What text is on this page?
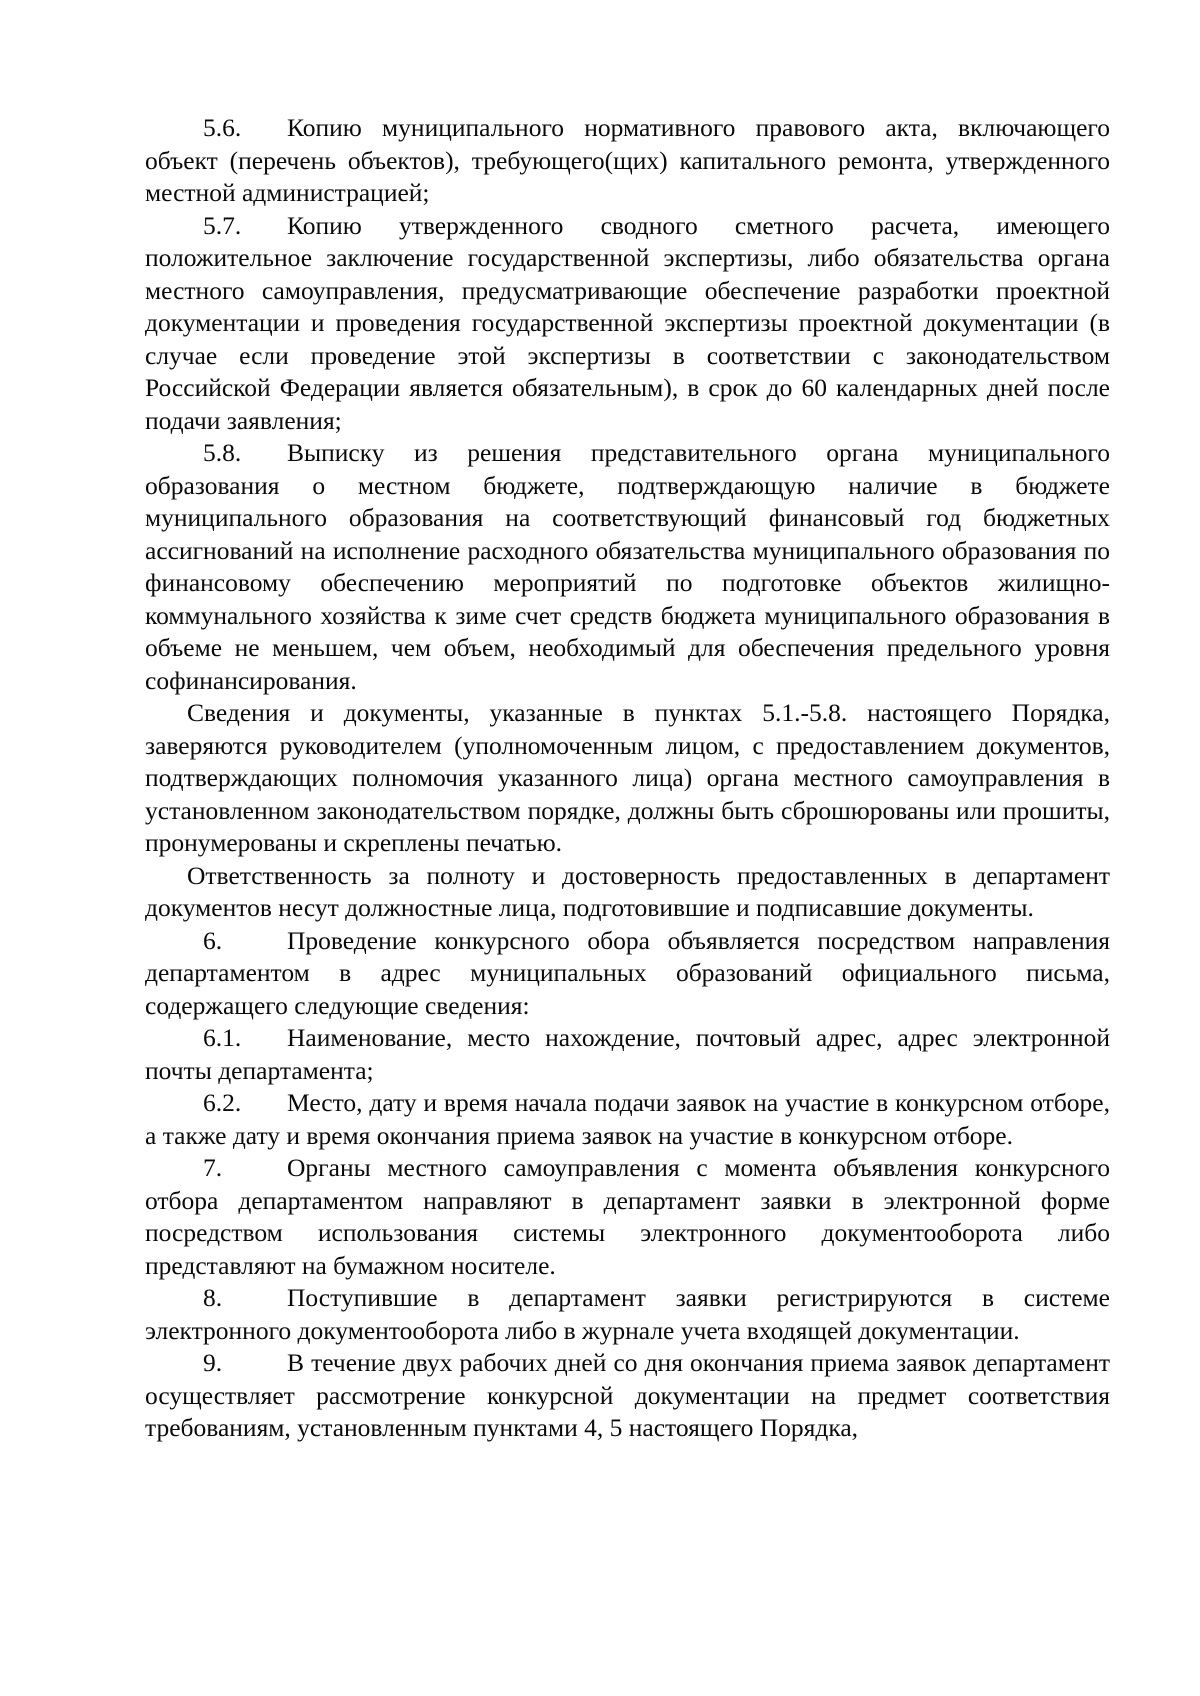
5.6. Копию муниципального нормативного правового акта, включающего объект (перечень объектов), требующего(щих) капитального ремонта, утвержденного местной администрацией;

5.7. Копию утвержденного сводного сметного расчета, имеющего положительное заключение государственной экспертизы, либо обязательства органа местного самоуправления, предусматривающие обеспечение разработки проектной документации и проведения государственной экспертизы проектной документации (в случае если проведение этой экспертизы в соответствии с законодательством Российской Федерации является обязательным), в срок до 60 календарных дней после подачи заявления;

5.8. Выписку из решения представительного органа муниципального образования о местном бюджете, подтверждающую наличие в бюджете муниципального образования на соответствующий финансовый год бюджетных ассигнований на исполнение расходного обязательства муниципального образования по финансовому обеспечению мероприятий по подготовке объектов жилищно-коммунального хозяйства к зиме счет средств бюджета муниципального образования в объеме не меньшем, чем объем, необходимый для обеспечения предельного уровня софинансирования.

Сведения и документы, указанные в пунктах 5.1.-5.8. настоящего Порядка, заверяются руководителем (уполномоченным лицом, с предоставлением документов, подтверждающих полномочия указанного лица) органа местного самоуправления в установленном законодательством порядке, должны быть сброшюрованы или прошиты, пронумерованы и скреплены печатью.

Ответственность за полноту и достоверность предоставленных в департамент документов несут должностные лица, подготовившие и подписавшие документы.

6.	Проведение конкурсного обора объявляется посредством направления департаментом в адрес муниципальных образований официального письма, содержащего следующие сведения:

6.1. Наименование, место нахождение, почтовый адрес, адрес электронной почты департамента;

6.2. Место, дату и время начала подачи заявок на участие в конкурсном отборе, а также дату и время окончания приема заявок на участие в конкурсном отборе.

7.	Органы местного самоуправления с момента объявления конкурсного отбора департаментом направляют в департамент заявки в электронной форме посредством использования системы электронного документооборота либо представляют на бумажном носителе.

8.	Поступившие в департамент заявки регистрируются в системе электронного документооборота либо в журнале учета входящей документации.

9.	В течение двух рабочих дней со дня окончания приема заявок департамент осуществляет рассмотрение конкурсной документации на предмет соответствия требованиям, установленным пунктами 4, 5 настоящего Порядка,
